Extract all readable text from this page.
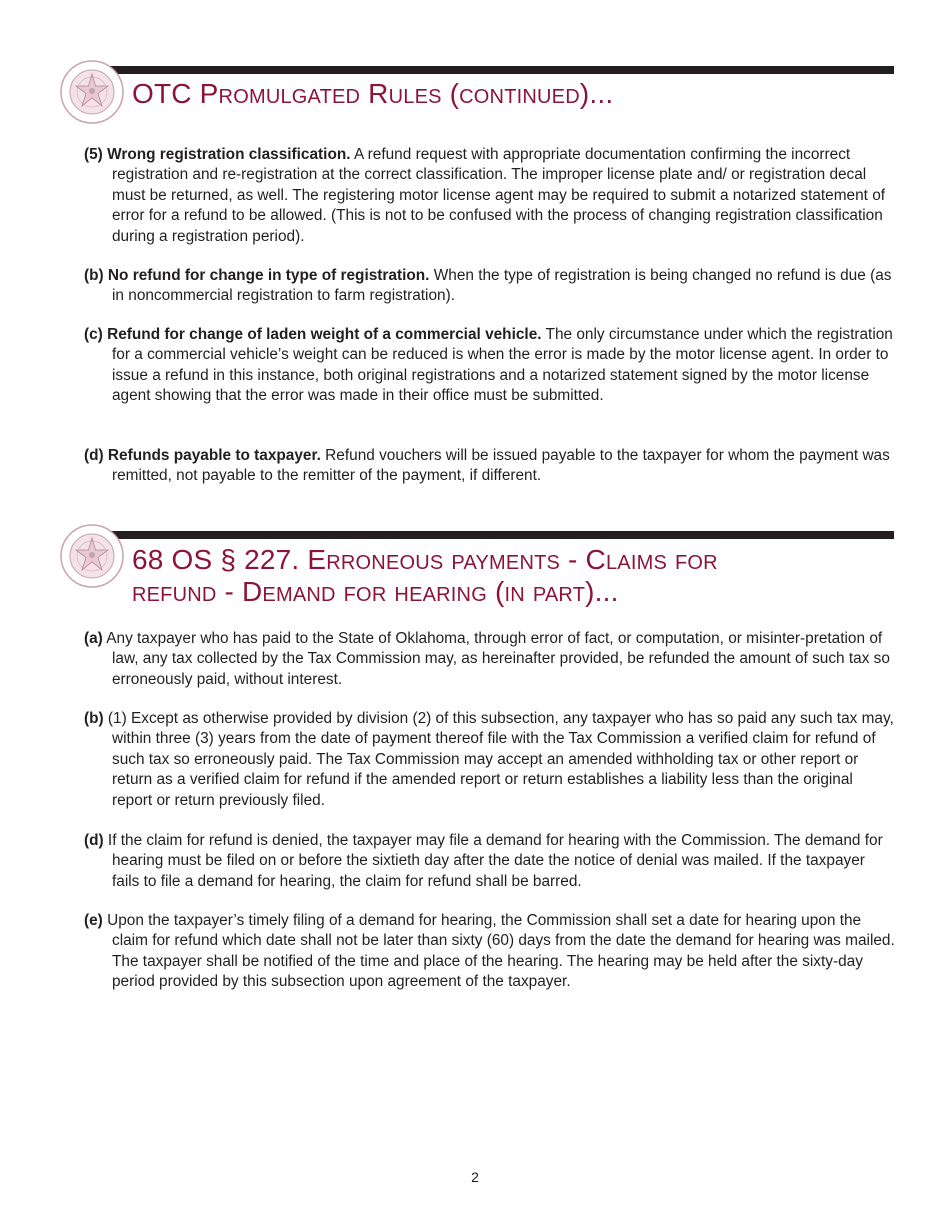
OTC Promulgated Rules (continued)...

(5) Wrong registration classification. A refund request with appropriate documentation confirming the incorrect registration and re-registration at the correct classification. The improper license plate and/ or registration decal must be returned, as well. The registering motor license agent may be required to submit a notarized statement of error for a refund to be allowed. (This is not to be confused with the process of changing registration classification during a registration period).

(b) No refund for change in type of registration. When the type of registration is being changed no refund is due (as in noncommercial registration to farm registration).

(c) Refund for change of laden weight of a commercial vehicle. The only circumstance under which the registration for a commercial vehicle’s weight can be reduced is when the error is made by the motor license agent. In order to issue a refund in this instance, both original registrations and a notarized statement signed by the motor license agent showing that the error was made in their office must be submitted.

(d) Refunds payable to taxpayer. Refund vouchers will be issued payable to the taxpayer for whom the payment was remitted, not payable to the remitter of the payment, if different.

68 OS § 227. Erroneous payments - Claims for
refund - Demand for hearing (in part)...

(a) Any taxpayer who has paid to the State of Oklahoma, through error of fact, or computation, or misinter-pretation of law, any tax collected by the Tax Commission may, as hereinafter provided, be refunded the amount of such tax so erroneously paid, without interest.

(b) (1) Except as otherwise provided by division (2) of this subsection, any taxpayer who has so paid any such tax may, within three (3) years from the date of payment thereof file with the Tax Commission a verified claim for refund of such tax so erroneously paid. The Tax Commission may accept an amended withholding tax or other report or return as a verified claim for refund if the amended report or return establishes a liability less than the original report or return previously filed.

(d) If the claim for refund is denied, the taxpayer may file a demand for hearing with the Commission. The demand for hearing must be filed on or before the sixtieth day after the date the notice of denial was mailed. If the taxpayer fails to file a demand for hearing, the claim for refund shall be barred.

(e) Upon the taxpayer’s timely filing of a demand for hearing, the Commission shall set a date for hearing upon the claim for refund which date shall not be later than sixty (60) days from the date the demand for hearing was mailed. The taxpayer shall be notified of the time and place of the hearing. The hearing may be held after the sixty-day period provided by this subsection upon agreement of the taxpayer.

2
